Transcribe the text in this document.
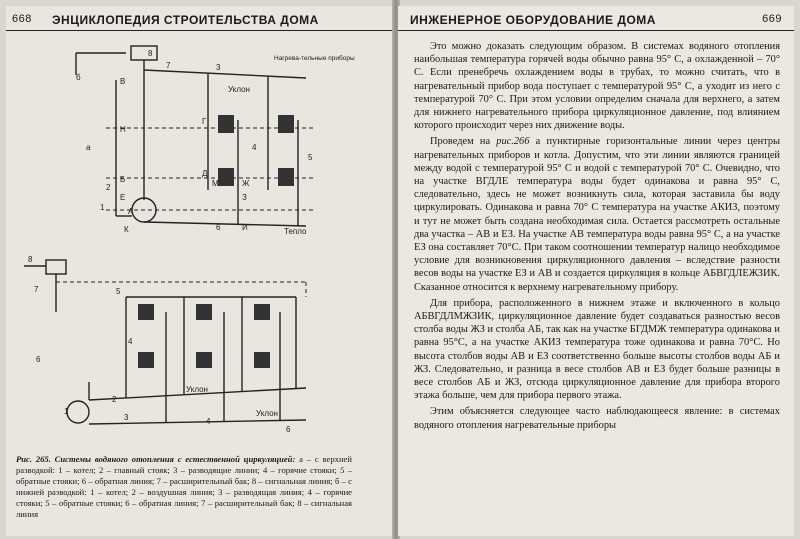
668 ЭНЦИКЛОПЕДИЯ СТРОИТЕЛЬСТВА ДОМА
Уклон
Нагрева-тельные приборы
Тепло
В
Н
Б
Е
А
К
Г
Д
М	Ж
З
И
а
б
8
7
1
2
3
4
5
6
Уклон
Уклон
8
7	5
4
6
1
2
3	4
6
Рис. 265. Системы водяного отопления с естественной циркуляцией: а – с верхней разводкой: 1 – котел; 2 – главный стояк; 3 – разводящие линии; 4 – горячие стояки; 5 – обратные стояки; 6 – обратная линия; 7 – расширительный бак; 8 – сигнальная линия; б – с нижней разводкой: 1 – котел; 2 – воздушная линия; 3 – разводящая линия; 4 – горячие стояки; 5 – обратные стояки; 6 – обратная линия; 7 – расширительный бак; 8 – сигнальная линия
ИНЖЕНЕРНОЕ ОБОРУДОВАНИЕ ДОМА	669

Это можно доказать следующим образом. В системах водяного отопления наибольшая температура горячей воды обычно равна 95° С, а охлажденной – 70° С. Если пренебречь охлаждением воды в трубах, то можно считать, что в нагревательный прибор вода поступает с температурой 95° С, а уходит из него с температурой 70° С. При этом условии определим сначала для верхнего, а затем для нижнего нагревательного прибора циркуляционное давление, под влиянием которого происходит через них движение воды.

Проведем на рис.266 а пунктирные горизонтальные линии через центры нагревательных приборов и котла. Допустим, что эти линии являются границей между водой с температурой 95° С и водой с температурой 70° С. Очевидно, что на участке ВГДЛЕ температура воды будет одинакова и равна 95° С, следовательно, здесь не может возникнуть сила, которая заставила бы воду циркулировать. Одинакова и равна 70° С температура на участке АКИЗ, поэтому и тут не может быть создана необходимая сила. Остается рассмотреть остальные два участка – АВ и ЕЗ. На участке АВ температура воды равна 95° С, а на участке ЕЗ она составляет 70°С. При таком соотношении температур налицо необходимое условие для возникновения циркуляционного давления – вследствие разности весов воды на участке ЕЗ и АВ и создается циркуляция в кольце АБВГДЛЕЖЗИК. Сказанное относится к верхнему нагревательному прибору.

Для прибора, расположенного в нижнем этаже и включенного в кольцо АБВГДЛМЖЗИК, циркуляционное давление будет создаваться разностью весов столба воды ЖЗ и столба АБ, так как на участке БГДМЖ температура одинакова и равна 95°С, а на участке АКИЗ температура тоже одинакова и равна 70°С. Но высота столбов воды АВ и ЕЗ соответственно больше высоты столбов воды АБ и ЖЗ. Следовательно, и разница в весе столбов АВ и ЕЗ будет больше разницы в весе столбов АБ и ЖЗ, отсюда циркуляционное давление для прибора второго этажа больше, чем для прибора первого этажа.

Этим объясняется следующее часто наблюдающееся явление: в системах водяного отопления нагревательные приборы
